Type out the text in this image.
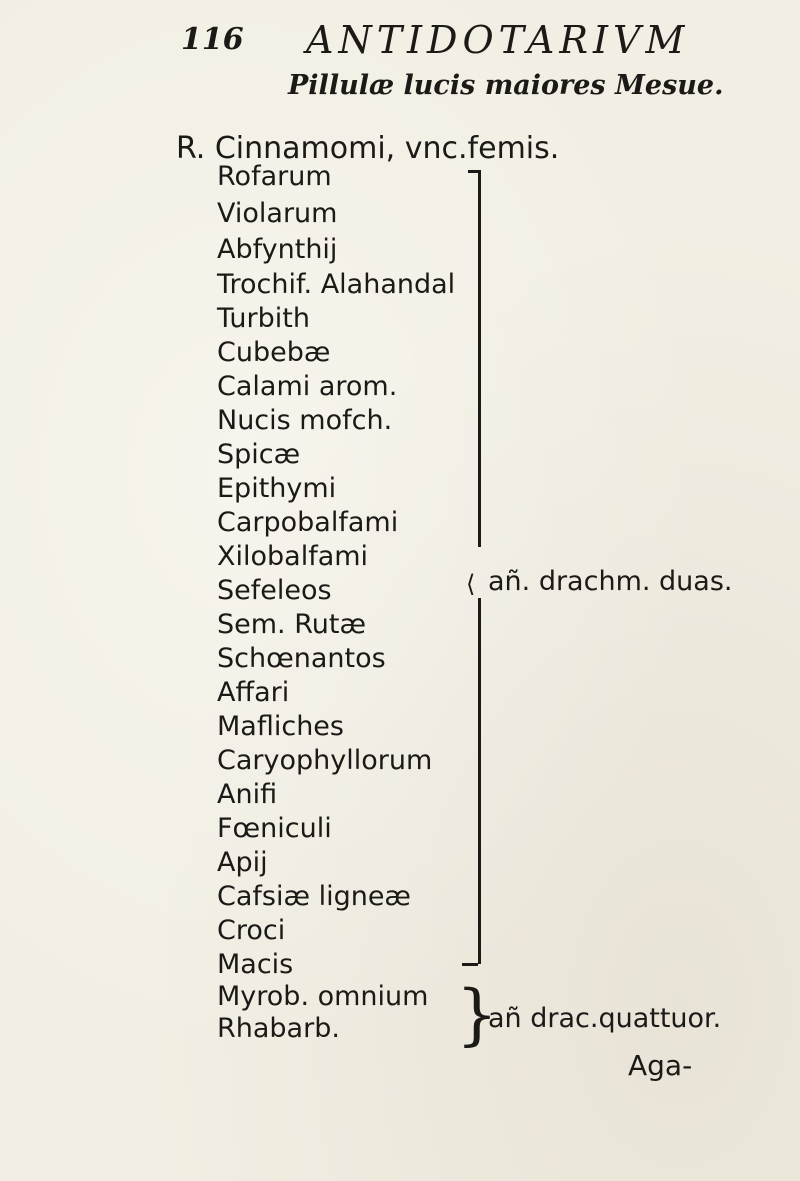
116 ANTIDOTARIVM
Pillulæ lucis maiores Mesue.
R. Cinnamomi, vnc.femis.
Rofarum
Violarum
Abfynthij
Trochif. Alahandal
Turbith
Cubebæ
Calami arom.
Nucis mofch.
Spicæ
Epithymi
Carpobalfami
Xilobalfami
Sefeleos
Sem. Rutæ
Schœnantos
Affari
Mafliches
Caryophyllorum
Anifi
Fœniculi
Apij
Cafsiæ ligneæ
Croci
Macis
⟨ añ. drachm. duas.
Myrob. omnium
Rhabarb. }
añ drac.quattuor.
Aga-
